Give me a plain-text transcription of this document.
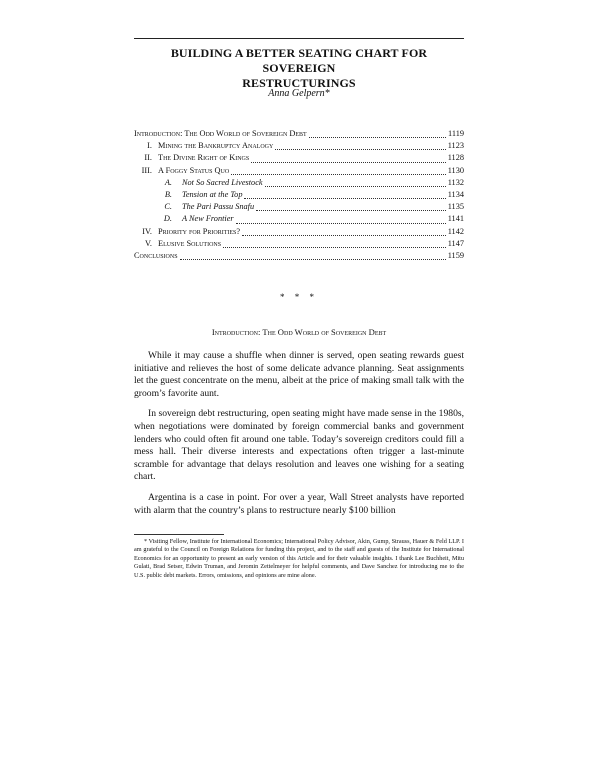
BUILDING A BETTER SEATING CHART FOR SOVEREIGN
RESTRUCTURINGS
Anna Gelpern*
Introduction: The Odd World of Sovereign Debt	1119
I. Mining the Bankruptcy Analogy	1123
II. The Divine Right of Kings	1128
III. A Foggy Status Quo	1130
A. Not So Sacred Livestock	1132
B. Tension at the Top	1134
C. The Pari Passu Snafu	1135
D. A New Frontier	1141
IV. Priority for Priorities?	1142
V. Elusive Solutions	1147
Conclusions	1159
* * *
Introduction: The Odd World of Sovereign Debt

While it may cause a shuffle when dinner is served, open seating rewards guest initiative and relieves the host of some delicate advance planning. Seat assignments let the guest concentrate on the menu, albeit at the price of making small talk with the groom’s favorite aunt.

In sovereign debt restructuring, open seating might have made sense in the 1980s, when negotiations were dominated by foreign commercial banks and government lenders who could often fit around one table. Today’s sovereign creditors could fill a mess hall. Their diverse interests and expectations often trigger a last-minute scramble for advantage that delays resolution and leaves one wishing for a seating chart.

Argentina is a case in point. For over a year, Wall Street analysts have reported with alarm that the country’s plans to restructure nearly $100 billion

* Visiting Fellow, Institute for International Economics; International Policy Advisor, Akin, Gump, Strauss, Hauer & Feld LLP. I am grateful to the Council on Foreign Relations for funding this project, and to the staff and guests of the Institute for International Economics for an opportunity to present an early version of this Article and for their valuable insights. I thank Lee Buchheit, Mitu Gulati, Brad Setser, Edwin Truman, and Jeromin Zettelmeyer for helpful comments, and Dave Sanchez for introducing me to the U.S. public debt markets. Errors, omissions, and opinions are mine alone.
